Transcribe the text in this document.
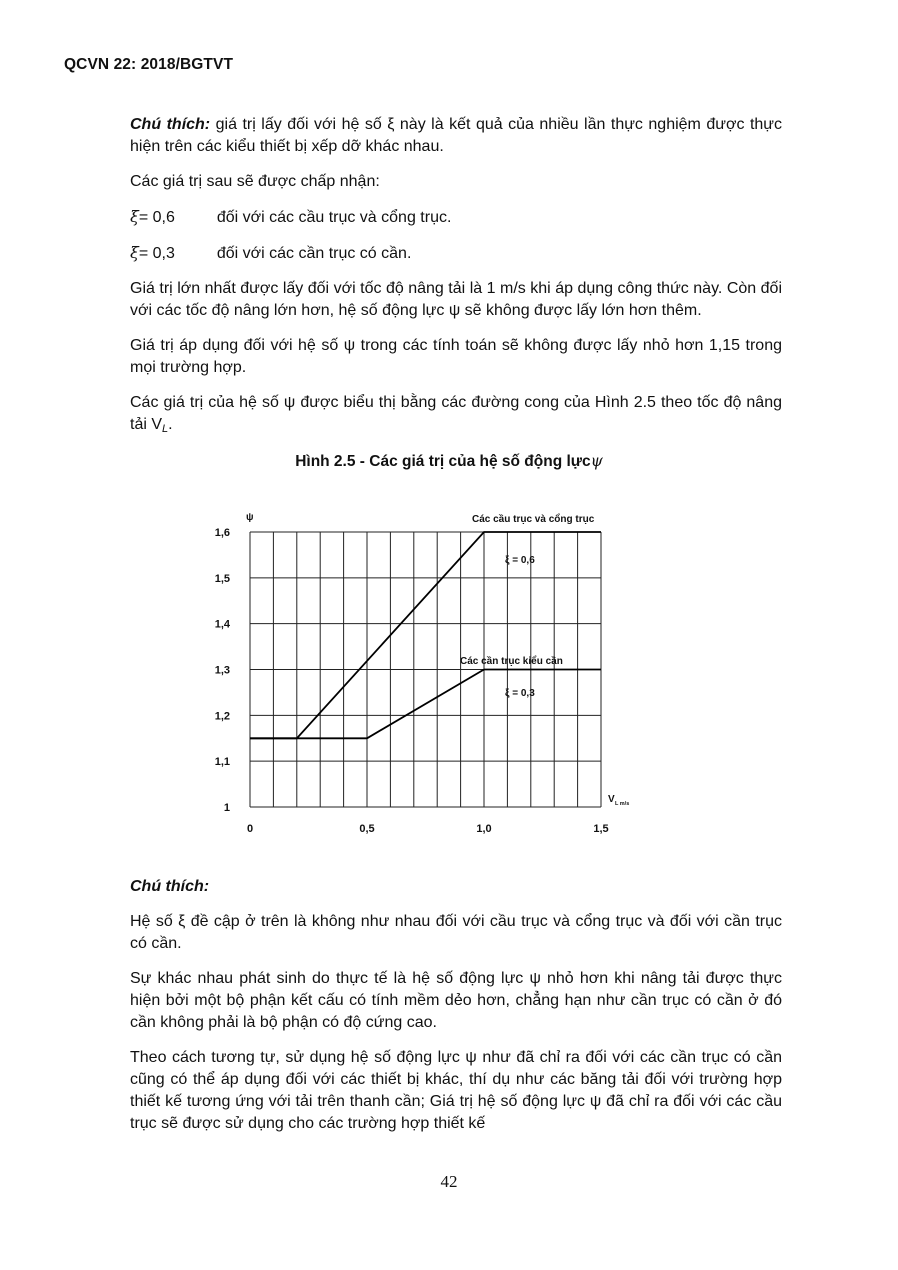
QCVN 22: 2018/BGTVT

Chú thích: giá trị lấy đối với hệ số ξ này là kết quả của nhiều lần thực nghiệm được thực hiện trên các kiểu thiết bị xếp dỡ khác nhau.

Các giá trị sau sẽ được chấp nhận:

ξ= 0,6	đối với các cầu trục và cổng trục.

ξ= 0,3	đối với các cần trục có cần.

Giá trị lớn nhất được lấy đối với tốc độ nâng tải là 1 m/s khi áp dụng công thức này. Còn đối với các tốc độ nâng lớn hơn, hệ số động lực ψ sẽ không được lấy lớn hơn thêm.

Giá trị áp dụng đối với hệ số ψ trong các tính toán sẽ không được lấy nhỏ hơn 1,15 trong mọi trường hợp.

Các giá trị của hệ số ψ được biểu thị bằng các đường cong của Hình 2.5 theo tốc độ nâng tải $V_L$.

Hình 2.5 - Các giá trị của hệ số động lựcψ
1
1,1
1,2
1,3
1,4
1,5
1,6
0	0,5	1,0	1,5
ψ
V L m/s
Các cầu trục và cổng trục
ξ = 0,6
Các cần trục kiểu cần
ξ = 0,3

Chú thích:

Hệ số ξ đề cập ở trên là không như nhau đối với cầu trục và cổng trục và đối với cần trục có cần.

Sự khác nhau phát sinh do thực tế là hệ số động lực ψ nhỏ hơn khi nâng tải được thực hiện bởi một bộ phận kết cấu có tính mềm dẻo hơn, chẳng hạn như cần trục có cần ở đó cần không phải là bộ phận có độ cứng cao.

Theo cách tương tự, sử dụng hệ số động lực ψ như đã chỉ ra đối với các cần trục có cần cũng có thể áp dụng đối với các thiết bị khác, thí dụ như các băng tải đối với trường hợp thiết kế tương ứng với tải trên thanh cần; Giá trị hệ số động lực ψ đã chỉ ra đối với các cầu trục sẽ được sử dụng cho các trường hợp thiết kế

42
